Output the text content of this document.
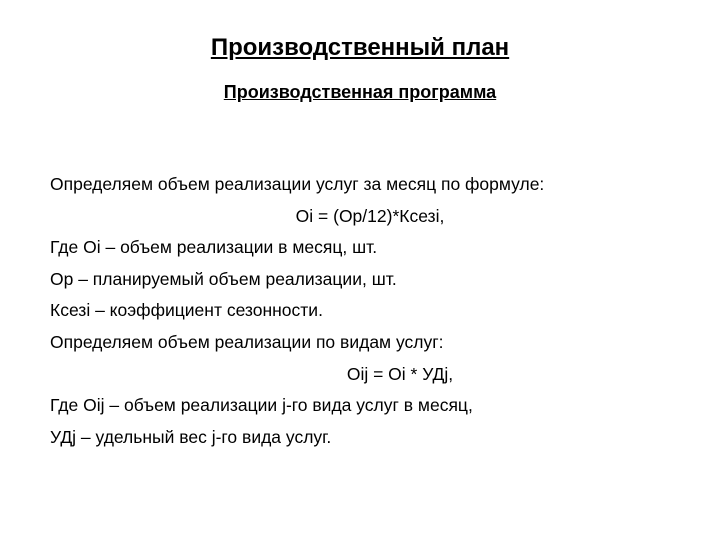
Производственный план
Производственная программа
Определяем объем реализации услуг за месяц по формуле:
Oi = (Op/12)*Ксезi,
Где Oi – объем реализации в месяц, шт.
Op – планируемый объем реализации, шт.
Ксезi – коэффициент сезонности.
Определяем объем реализации по видам услуг:
Oij = Oi * УДj,
Где Oij – объем реализации j-го вида услуг в месяц,
УДj – удельный вес j-го вида услуг.
